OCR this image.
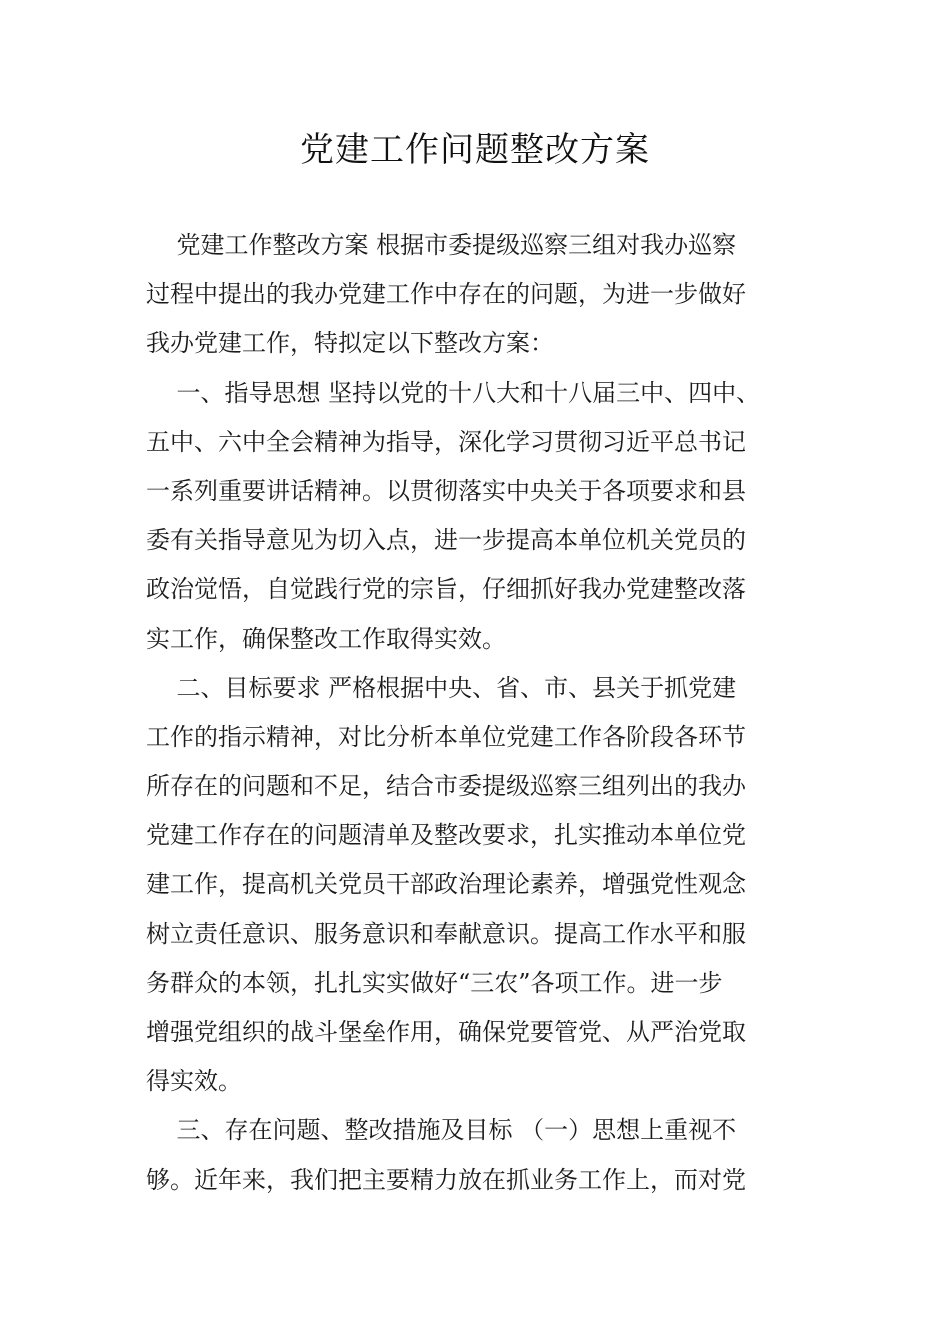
党建工作问题整改方案
党建工作整改方案 根据市委提级巡察三组对我办巡察
过程中提出的我办党建工作中存在的问题，为进一步做好
我办党建工作，特拟定以下整改方案：
一、指导思想 坚持以党的十八大和十八届三中、四中、
五中、六中全会精神为指导，深化学习贯彻习近平总书记
一系列重要讲话精神。以贯彻落实中央关于各项要求和县
委有关指导意见为切入点，进一步提高本单位机关党员的
政治觉悟，自觉践行党的宗旨，仔细抓好我办党建整改落
实工作，确保整改工作取得实效。
二、目标要求 严格根据中央、省、市、县关于抓党建
工作的指示精神，对比分析本单位党建工作各阶段各环节
所存在的问题和不足，结合市委提级巡察三组列出的我办
党建工作存在的问题清单及整改要求，扎实推动本单位党
建工作，提高机关党员干部政治理论素养，增强党性观念
树立责任意识、服务意识和奉献意识。提高工作水平和服
务群众的本领，扎扎实实做好“三农”各项工作。进一步
增强党组织的战斗堡垒作用，确保党要管党、从严治党取
得实效。
三、存在问题、整改措施及目标 （一）思想上重视不
够。近年来，我们把主要精力放在抓业务工作上，而对党
